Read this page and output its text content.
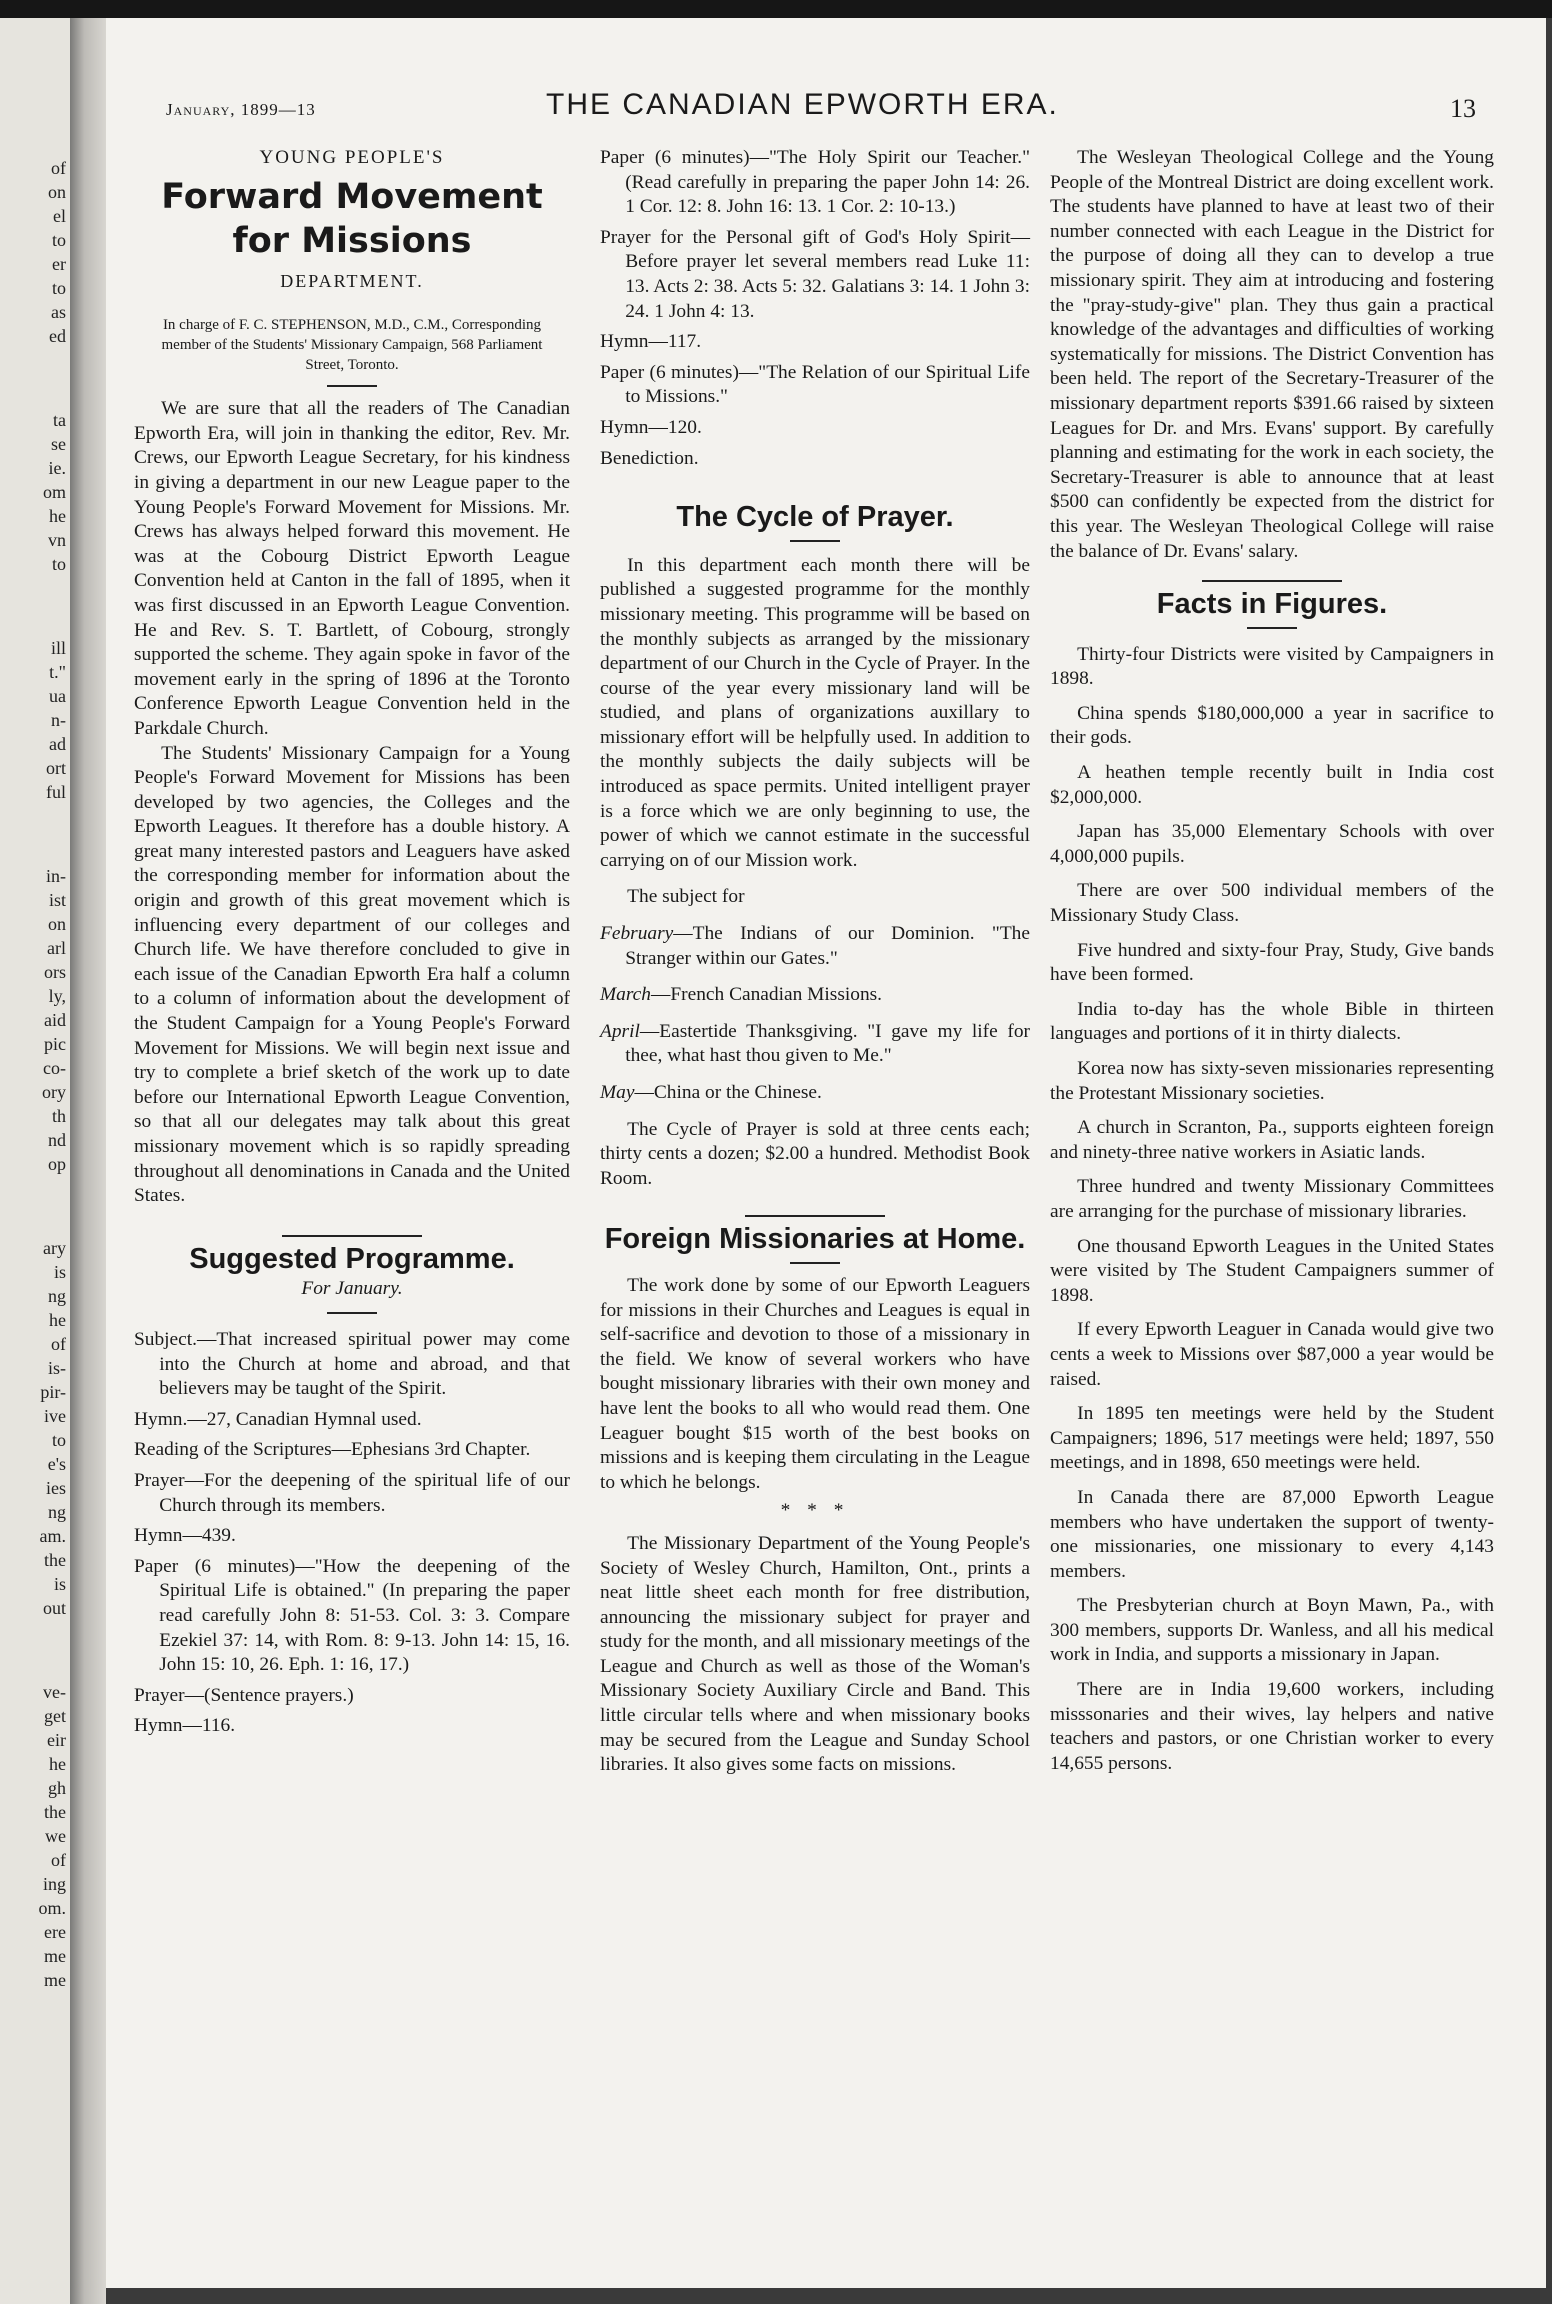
of
on
el
to
er
to
as
ed
ta
se
ie.
om
he
vn
to
ill
t."
ua
n-
ad
ort
ful
in-
ist
on
arl
ors
ly,
aid
pic
co-
ory
th
nd
op
ary
is
ng
he
of
is-
pir-
ive
to
e's
ies
ng
am.
the
is
out
ve-
get
eir
he
gh
the
we
of
ing
om.
ere
me
me
January, 1899—13	THE CANADIAN EPWORTH ERA.	13

YOUNG PEOPLE'S

Forward Movement for Missions

DEPARTMENT.

In charge of F. C. STEPHENSON, M.D., C.M., Corresponding member of the Students' Missionary Campaign, 568 Parliament Street, Toronto.

We are sure that all the readers of The Canadian Epworth Era, will join in thanking the editor, Rev. Mr. Crews, our Epworth League Secretary, for his kindness in giving a department in our new League paper to the Young People's Forward Movement for Missions. Mr. Crews has always helped forward this movement. He was at the Cobourg District Epworth League Convention held at Canton in the fall of 1895, when it was first discussed in an Epworth League Convention. He and Rev. S. T. Bartlett, of Cobourg, strongly supported the scheme. They again spoke in favor of the movement early in the spring of 1896 at the Toronto Conference Epworth League Convention held in the Parkdale Church.

The Students' Missionary Campaign for a Young People's Forward Movement for Missions has been developed by two agencies, the Colleges and the Epworth Leagues. It therefore has a double history. A great many interested pastors and Leaguers have asked the corresponding member for information about the origin and growth of this great movement which is influencing every department of our colleges and Church life. We have therefore concluded to give in each issue of the Canadian Epworth Era half a column to a column of information about the development of the Student Campaign for a Young People's Forward Movement for Missions. We will begin next issue and try to complete a brief sketch of the work up to date before our International Epworth League Convention, so that all our delegates may talk about this great missionary movement which is so rapidly spreading throughout all denominations in Canada and the United States.

Suggested Programme.

For January.

Subject.—That increased spiritual power may come into the Church at home and abroad, and that believers may be taught of the Spirit.

Hymn.—27, Canadian Hymnal used.

Reading of the Scriptures—Ephesians 3rd Chapter.

Prayer—For the deepening of the spiritual life of our Church through its members.

Hymn—439.

Paper (6 minutes)—"How the deepening of the Spiritual Life is obtained." (In preparing the paper read carefully John 8: 51-53. Col. 3: 3. Compare Ezekiel 37: 14, with Rom. 8: 9-13. John 14: 15, 16. John 15: 10, 26. Eph. 1: 16, 17.)

Prayer—(Sentence prayers.)

Hymn—116.

Paper (6 minutes)—"The Holy Spirit our Teacher." (Read carefully in preparing the paper John 14: 26. 1 Cor. 12: 8. John 16: 13. 1 Cor. 2: 10-13.)

Prayer for the Personal gift of God's Holy Spirit—Before prayer let several members read Luke 11: 13. Acts 2: 38. Acts 5: 32. Galatians 3: 14. 1 John 3: 24. 1 John 4: 13.

Hymn—117.

Paper (6 minutes)—"The Relation of our Spiritual Life to Missions."

Hymn—120.

Benediction.

The Cycle of Prayer.

In this department each month there will be published a suggested programme for the monthly missionary meeting. This programme will be based on the monthly subjects as arranged by the missionary department of our Church in the Cycle of Prayer. In the course of the year every missionary land will be studied, and plans of organizations auxillary to missionary effort will be helpfully used. In addition to the monthly subjects the daily subjects will be introduced as space permits. United intelligent prayer is a force which we are only beginning to use, the power of which we cannot estimate in the successful carrying on of our Mission work.

The subject for

February—The Indians of our Dominion. "The Stranger within our Gates."

March—French Canadian Missions.

April—Eastertide Thanksgiving. "I gave my life for thee, what hast thou given to Me."

May—China or the Chinese.

The Cycle of Prayer is sold at three cents each; thirty cents a dozen; $2.00 a hundred. Methodist Book Room.

Foreign Missionaries at Home.

The work done by some of our Epworth Leaguers for missions in their Churches and Leagues is equal in self-sacrifice and devotion to those of a missionary in the field. We know of several workers who have bought missionary libraries with their own money and have lent the books to all who would read them. One Leaguer bought $15 worth of the best books on missions and is keeping them circulating in the League to which he belongs.

* * *

The Missionary Department of the Young People's Society of Wesley Church, Hamilton, Ont., prints a neat little sheet each month for free distribution, announcing the missionary subject for prayer and study for the month, and all missionary meetings of the League and Church as well as those of the Woman's Missionary Society Auxiliary Circle and Band. This little circular tells where and when missionary books may be secured from the League and Sunday School libraries. It also gives some facts on missions.

The Wesleyan Theological College and the Young People of the Montreal District are doing excellent work. The students have planned to have at least two of their number connected with each League in the District for the purpose of doing all they can to develop a true missionary spirit. They aim at introducing and fostering the "pray-study-give" plan. They thus gain a practical knowledge of the advantages and difficulties of working systematically for missions. The District Convention has been held. The report of the Secretary-Treasurer of the missionary department reports $391.66 raised by sixteen Leagues for Dr. and Mrs. Evans' support. By carefully planning and estimating for the work in each society, the Secretary-Treasurer is able to announce that at least $500 can confidently be expected from the district for this year. The Wesleyan Theological College will raise the balance of Dr. Evans' salary.

Facts in Figures.

Thirty-four Districts were visited by Campaigners in 1898.

China spends $180,000,000 a year in sacrifice to their gods.

A heathen temple recently built in India cost $2,000,000.

Japan has 35,000 Elementary Schools with over 4,000,000 pupils.

There are over 500 individual members of the Missionary Study Class.

Five hundred and sixty-four Pray, Study, Give bands have been formed.

India to-day has the whole Bible in thirteen languages and portions of it in thirty dialects.

Korea now has sixty-seven missionaries representing the Protestant Missionary societies.

A church in Scranton, Pa., supports eighteen foreign and ninety-three native workers in Asiatic lands.

Three hundred and twenty Missionary Committees are arranging for the purchase of missionary libraries.

One thousand Epworth Leagues in the United States were visited by The Student Campaigners summer of 1898.

If every Epworth Leaguer in Canada would give two cents a week to Missions over $87,000 a year would be raised.

In 1895 ten meetings were held by the Student Campaigners; 1896, 517 meetings were held; 1897, 550 meetings, and in 1898, 650 meetings were held.

In Canada there are 87,000 Epworth League members who have undertaken the support of twenty-one missionaries, one missionary to every 4,143 members.

The Presbyterian church at Boyn Mawn, Pa., with 300 members, supports Dr. Wanless, and all his medical work in India, and supports a missionary in Japan.

There are in India 19,600 workers, including misssonaries and their wives, lay helpers and native teachers and pastors, or one Christian worker to every 14,655 persons.
